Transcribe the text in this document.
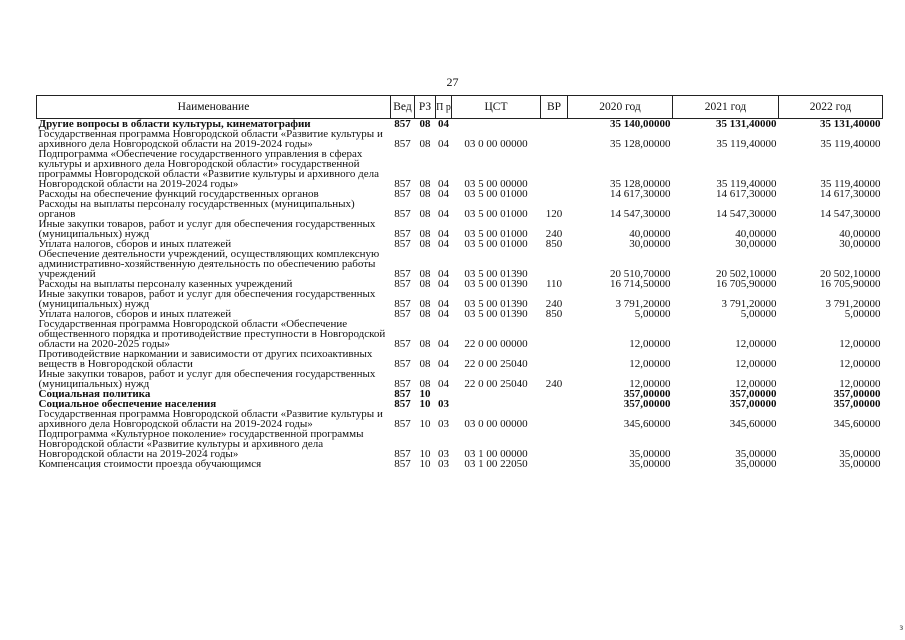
27
Наименование	Вед	РЗ	П р	ЦСТ	ВР	2020 год	2021 год	2022 год
Другие вопросы в области культуры, кинематографии	857	08	04			35 140,00000	35 131,40000	35 131,40000
Государственная программа Новгородской области «Развитие культуры и архивного дела Новгородской области на 2019-2024 годы»	857	08	04	03 0 00 00000		35 128,00000	35 119,40000	35 119,40000
Подпрограмма «Обеспечение государственного управления в сферах культуры и архивного дела Новгородской области» государственной программы Новгородской области «Развитие культуры и архивного дела Новгородской области на 2019-2024 годы»	857	08	04	03 5 00 00000		35 128,00000	35 119,40000	35 119,40000
Расходы на обеспечение функций государственных органов	857	08	04	03 5 00 01000		14 617,30000	14 617,30000	14 617,30000
Расходы на выплаты персоналу государственных (муниципальных) органов	857	08	04	03 5 00 01000	120	14 547,30000	14 547,30000	14 547,30000
Иные закупки товаров, работ и услуг для обеспечения государственных (муниципальных) нужд	857	08	04	03 5 00 01000	240	40,00000	40,00000	40,00000
Уплата налогов, сборов и иных платежей	857	08	04	03 5 00 01000	850	30,00000	30,00000	30,00000
Обеспечение деятельности учреждений, осуществляющих комплексную административно-хозяйственную деятельность по обеспечению работы учреждений	857	08	04	03 5 00 01390		20 510,70000	20 502,10000	20 502,10000
Расходы на выплаты персоналу казенных учреждений	857	08	04	03 5 00 01390	110	16 714,50000	16 705,90000	16 705,90000
Иные закупки товаров, работ и услуг для обеспечения государственных (муниципальных) нужд	857	08	04	03 5 00 01390	240	3 791,20000	3 791,20000	3 791,20000
Уплата налогов, сборов и иных платежей	857	08	04	03 5 00 01390	850	5,00000	5,00000	5,00000
Государственная программа Новгородской области «Обеспечение общественного порядка и противодействие преступности в Новгородской области на 2020-2025 годы»	857	08	04	22 0 00 00000		12,00000	12,00000	12,00000
Противодействие наркомании и зависимости от других психоактивных веществ в Новгородской области	857	08	04	22 0 00 25040		12,00000	12,00000	12,00000
Иные закупки товаров, работ и услуг для обеспечения государственных (муниципальных) нужд	857	08	04	22 0 00 25040	240	12,00000	12,00000	12,00000
Социальная политика	857	10				357,00000	357,00000	357,00000
Социальное обеспечение населения	857	10	03			357,00000	357,00000	357,00000
Государственная программа Новгородской области «Развитие культуры и архивного дела Новгородской области на 2019-2024 годы»	857	10	03	03 0 00 00000		345,60000	345,60000	345,60000
Подпрограмма «Культурное поколение» государственной программы Новгородской области «Развитие культуры и архивного дела Новгородской области на 2019-2024 годы»	857	10	03	03 1 00 00000		35,00000	35,00000	35,00000
Компенсация стоимости проезда обучающимся	857	10	03	03 1 00 22050		35,00000	35,00000	35,00000
з
